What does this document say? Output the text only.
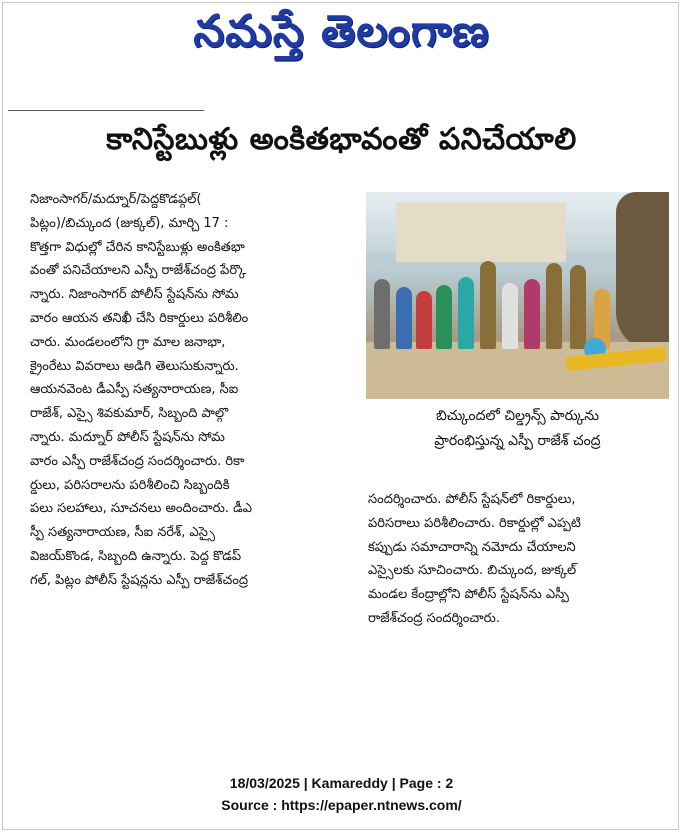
నమస్తే తెలంగాణ
కానిస్టేబుళ్లు అంకితభావంతో పనిచేయాలి
నిజాంసాగర్/మద్నూర్/పెద్దకొడప్గల్(
పిట్లం)/బిచ్కుంద (జుక్కల్), మార్చి 17 :
కొత్తగా విధుల్లో చేరిన కానిస్టేబుళ్లు అంకితభా
వంతో పనిచేయాలని ఎస్పీ రాజేశ్‌చంద్ర పేర్కొ
న్నారు. నిజాంసాగర్ పోలీస్ స్టేషన్‌ను సోమ
వారం ఆయన తనిఖీ చేసి రికార్డులు పరిశీలిం
చారు. మండలంలోని గ్రా మాల జనాభా,
క్రైంరేటు వివరాలు అడిగి తెలుసుకున్నారు.
ఆయనవెంట డీఎస్పీ సత్యనారాయణ, సీఐ
రాజేశ్, ఎస్సై శివకుమార్, సిబ్బంది పాల్గొ
న్నారు. మద్నూర్ పోలీస్ స్టేషన్‌ను సోమ
వారం ఎస్పీ రాజేశ్‌చంద్ర సందర్శించారు. రికా
ర్డులు, పరిసరాలను పరిశీలించి సిబ్బందికి
పలు సలహాలు, సూచనలు అందించారు. డీఎ
స్పీ సత్యనారాయణ, సీఐ నరేశ్, ఎస్సై
విజయ్‌కొండ, సిబ్బంది ఉన్నారు. పెద్ద కొడప్
గల్, పిట్లం పోలీస్ స్టేషన్లను ఎస్పీ రాజేశ్‌చంద్ర
బిచ్కుందలో చిల్డ్రన్స్ పార్కును
ప్రారంభిస్తున్న ఎస్పీ రాజేశ్ చంద్ర
సందర్శించారు. పోలీస్ స్టేషన్‌లో రికార్డులు,
పరిసరాలు పరిశీలించారు. రికార్డుల్లో ఎప్పటి
కప్పుడు సమాచారాన్ని నమోదు చేయాలని
ఎస్సైలకు సూచించారు. బిచ్కుంద, జుక్కల్
మండల కేంద్రాల్లోని పోలీస్ స్టేషన్‌ను ఎస్పీ
రాజేశ్‌చంద్ర సందర్శించారు.
18/03/2025 | Kamareddy | Page : 2
Source : https://epaper.ntnews.com/
